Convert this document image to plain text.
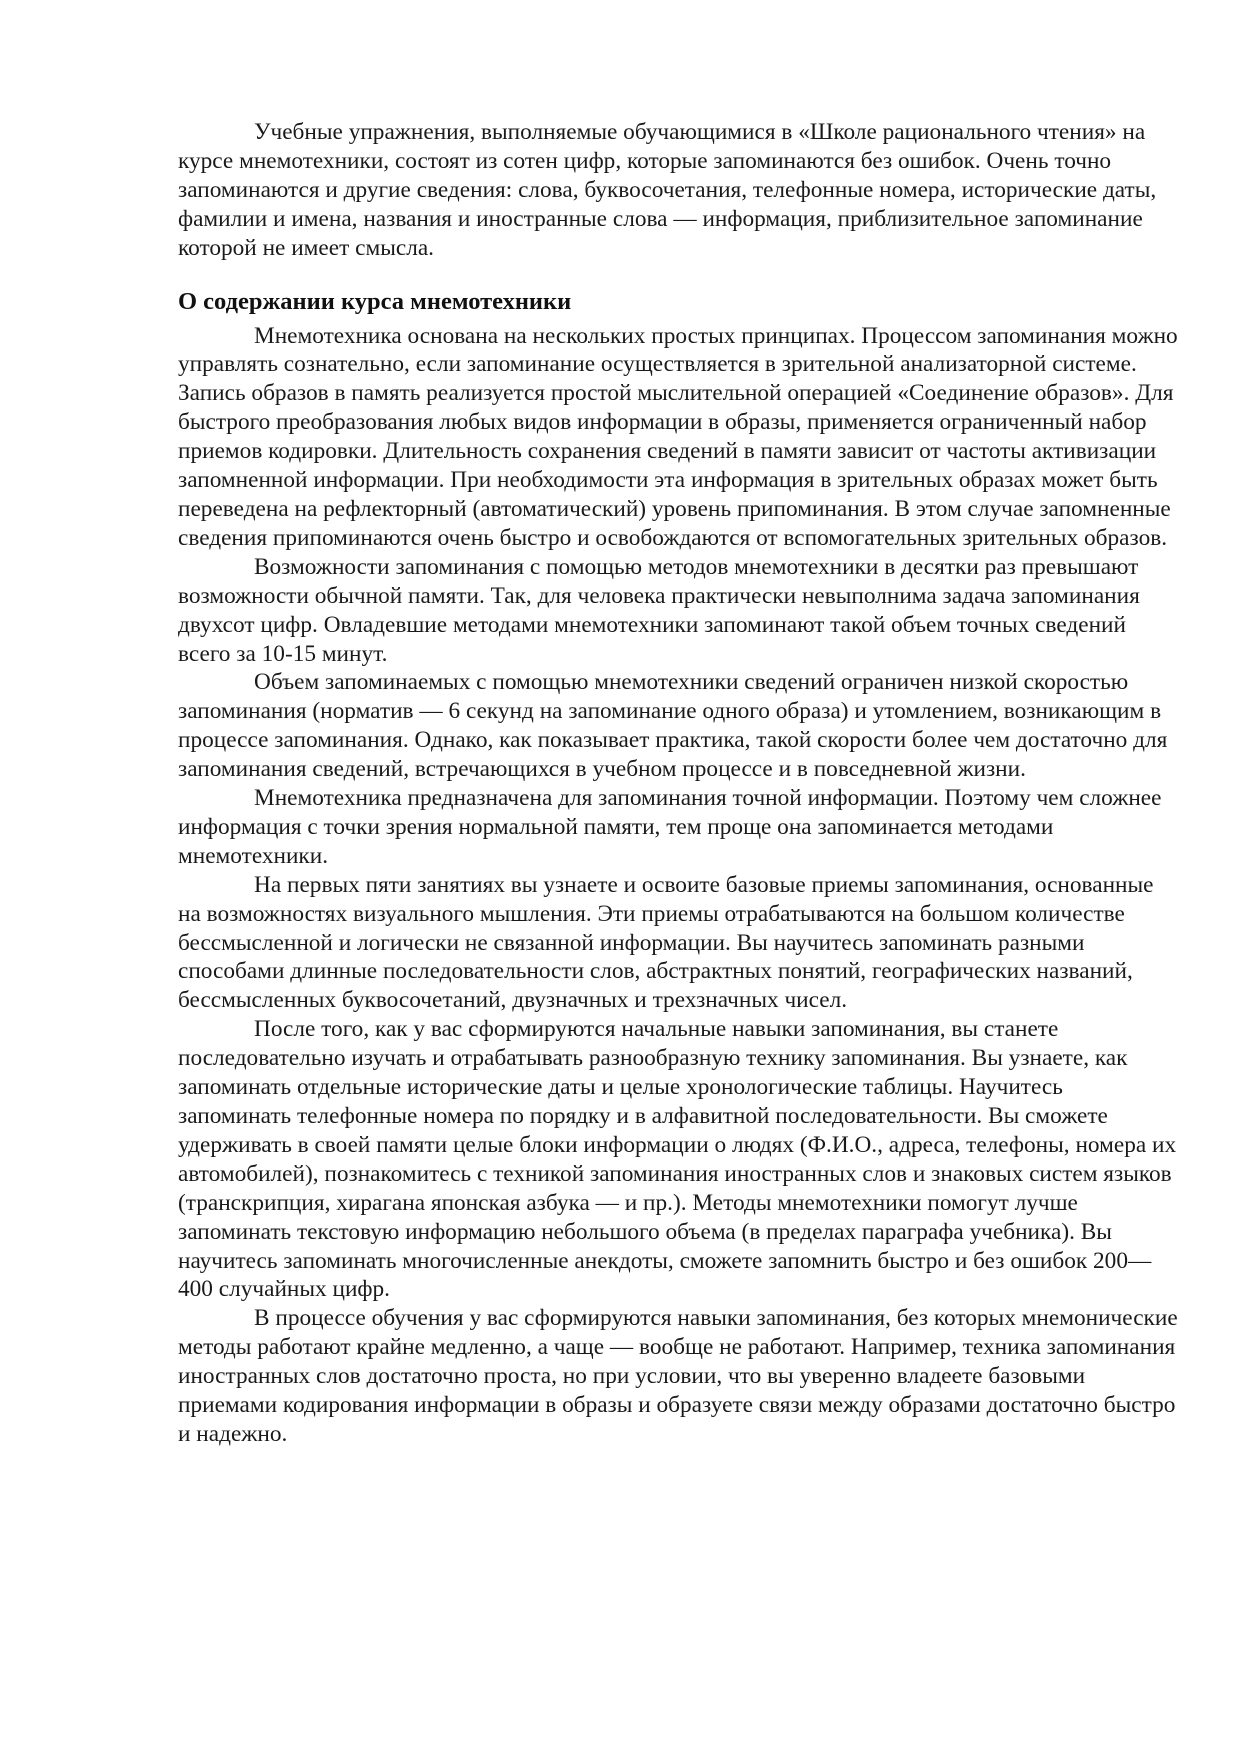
Учебные упражнения, выполняемые обучающимися в «Школе рационального чтения» на курсе мнемотехники, состоят из сотен цифр, которые запоминаются без ошибок. Очень точно запоминаются и другие сведения: слова, буквосочетания, телефонные номера, исторические даты, фамилии и имена, названия и иностранные слова — информация, приблизительное запоминание которой не имеет смысла.

О содержании курса мнемотехники

Мнемотехника основана на нескольких простых принципах. Процессом запоминания можно управлять сознательно, если запоминание осуществляется в зрительной анализаторной системе. Запись образов в память реализуется простой мыслительной операцией «Соединение образов». Для быстрого преобразования любых видов информации в образы, применяется ограниченный набор приемов кодировки. Длительность сохранения сведений в памяти зависит от частоты активизации запомненной информации. При необходимости эта информация в зрительных образах может быть переведена на рефлекторный (автоматический) уровень припоминания. В этом случае запомненные сведения припоминаются очень быстро и освобождаются от вспомогательных зрительных образов.

Возможности запоминания с помощью методов мнемотехники в десятки раз превышают возможности обычной памяти. Так, для человека практически невыполнима задача запоминания двухсот цифр. Овладевшие методами мнемотехники запоминают такой объем точных сведений всего за 10-15 минут.

Объем запоминаемых с помощью мнемотехники сведений ограничен низкой скоростью запоминания (норматив — 6 секунд на запоминание одного образа) и утомлением, возникающим в процессе запоминания. Однако, как показывает практика, такой скорости более чем достаточно для запоминания сведений, встречающихся в учебном процессе и в повседневной жизни.

Мнемотехника предназначена для запоминания точной информации. Поэтому чем сложнее информация с точки зрения нормальной памяти, тем проще она запоминается методами мнемотехники.

На первых пяти занятиях вы узнаете и освоите базовые приемы запоминания, основанные на возможностях визуального мышления. Эти приемы отрабатываются на большом количестве бессмысленной и логически не связанной информации. Вы научитесь запоминать разными способами длинные последовательности слов, абстрактных понятий, географических названий, бессмысленных буквосочетаний, двузначных и трехзначных чисел.

После того, как у вас сформируются начальные навыки запоминания, вы станете последовательно изучать и отрабатывать разнообразную технику запоминания. Вы узнаете, как запоминать отдельные исторические даты и целые хронологические таблицы. Научитесь запоминать телефонные номера по порядку и в алфавитной последовательности. Вы сможете удерживать в своей памяти целые блоки информации о людях (Ф.И.О., адреса, телефоны, номера их автомобилей), познакомитесь с техникой запоминания иностранных слов и знаковых систем языков (транскрипция, хирагана японская азбука — и пр.). Методы мнемотехники помогут лучше запоминать текстовую информацию небольшого объема (в пределах параграфа учебника). Вы научитесь запоминать многочисленные анекдоты, сможете запомнить быстро и без ошибок 200—400 случайных цифр.

В процессе обучения у вас сформируются навыки запоминания, без которых мнемонические методы работают крайне медленно, а чаще — вообще не работают. Например, техника запоминания иностранных слов достаточно проста, но при условии, что вы уверенно владеете базовыми приемами кодирования информации в образы и образуете связи между образами достаточно быстро и надежно.
